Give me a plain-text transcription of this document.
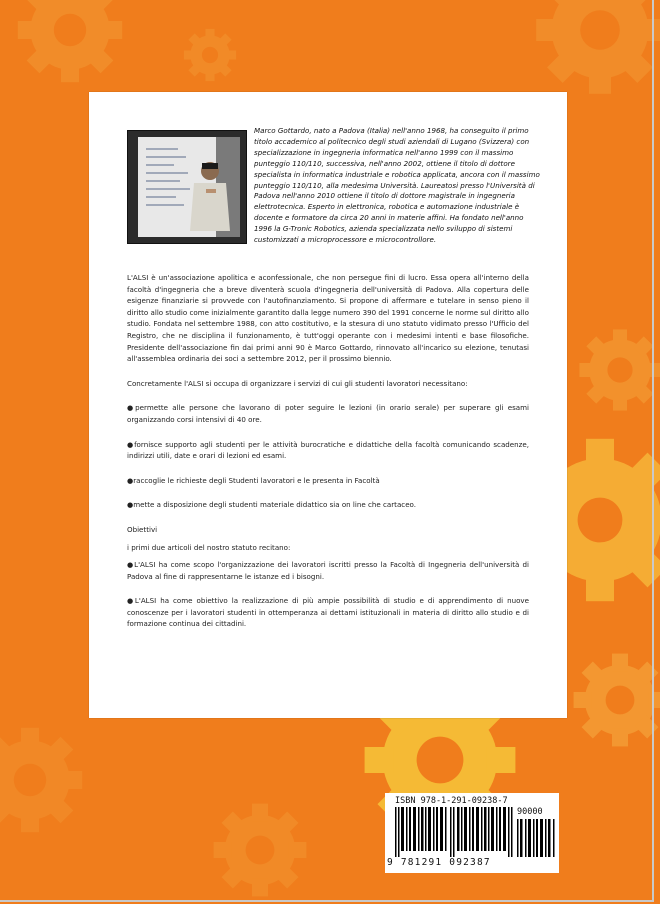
Marco Gottardo, nato a Padova (Italia) nell'anno 1968, ha conseguito il primo titolo accademico al politecnico degli studi aziendali di Lugano (Svizzera) con specializzazione in ingegneria informatica nell'anno 1999 con il massimo punteggio 110/110, successiva, nell'anno 2002, ottiene il titolo di dottore specialista in informatica industriale e robotica applicata, ancora con il massimo punteggio 110/110, alla medesima Università. Laureatosi presso l'Università di Padova nell'anno 2010 ottiene il titolo di dottore magistrale in ingegneria elettrotecnica. Esperto in elettronica, robotica e automazione industriale è docente e formatore da circa 20 anni in materie affini. Ha fondato nell'anno 1996 la G-Tronic Robotics, azienda specializzata nello sviluppo di sistemi customizzati a microprocessore e microcontrollore.

L'ALSI è un'associazione apolitica e aconfessionale, che non persegue fini di lucro. Essa opera all'interno della facoltà d'ingegneria che a breve diventerà scuola d'ingegneria dell'università di Padova. Alla copertura delle esigenze finanziarie si provvede con l'autofinanziamento. Si propone di affermare e tutelare in senso pieno il diritto allo studio come inizialmente garantito dalla legge numero 390 del 1991 concerne le norme sul diritto allo studio. Fondata nel settembre 1988, con atto costitutivo, e la stesura di uno statuto vidimato presso l'Ufficio del Registro, che ne disciplina il funzionamento, è tutt'oggi operante con i medesimi intenti e base filosofiche. Presidente dell'associazione fin dai primi anni 90 è Marco Gottardo, rinnovato all'incarico su elezione, tenutasi all'assemblea ordinaria dei soci a settembre 2012, per il prossimo biennio.

Concretamente l'ALSI si occupa di organizzare i servizi di cui gli studenti lavoratori necessitano:

●permette alle persone che lavorano di poter seguire le lezioni (in orario serale) per superare gli esami organizzando corsi intensivi di 40 ore.

●fornisce supporto agli studenti per le attività burocratiche e didattiche della facoltà comunicando scadenze, indirizzi utili, date e orari di lezioni ed esami.

●raccoglie le richieste degli Studenti lavoratori e le presenta in Facoltà

●mette a disposizione degli studenti materiale didattico sia on line che cartaceo.

Obiettivi

i primi due articoli del nostro statuto recitano:

●L'ALSI ha come scopo l'organizzazione dei lavoratori iscritti presso la Facoltà di Ingegneria dell'università di Padova al fine di rappresentarne le istanze ed i bisogni.

●L'ALSI ha come obiettivo la realizzazione di più ampie possibilità di studio e di apprendimento di nuove conoscenze per i lavoratori studenti in ottemperanza ai dettami istituzionali in materia di diritto allo studio e di formazione continua dei cittadini.

ISBN 978-1-291-09238-7
90000
9 781291 092387
